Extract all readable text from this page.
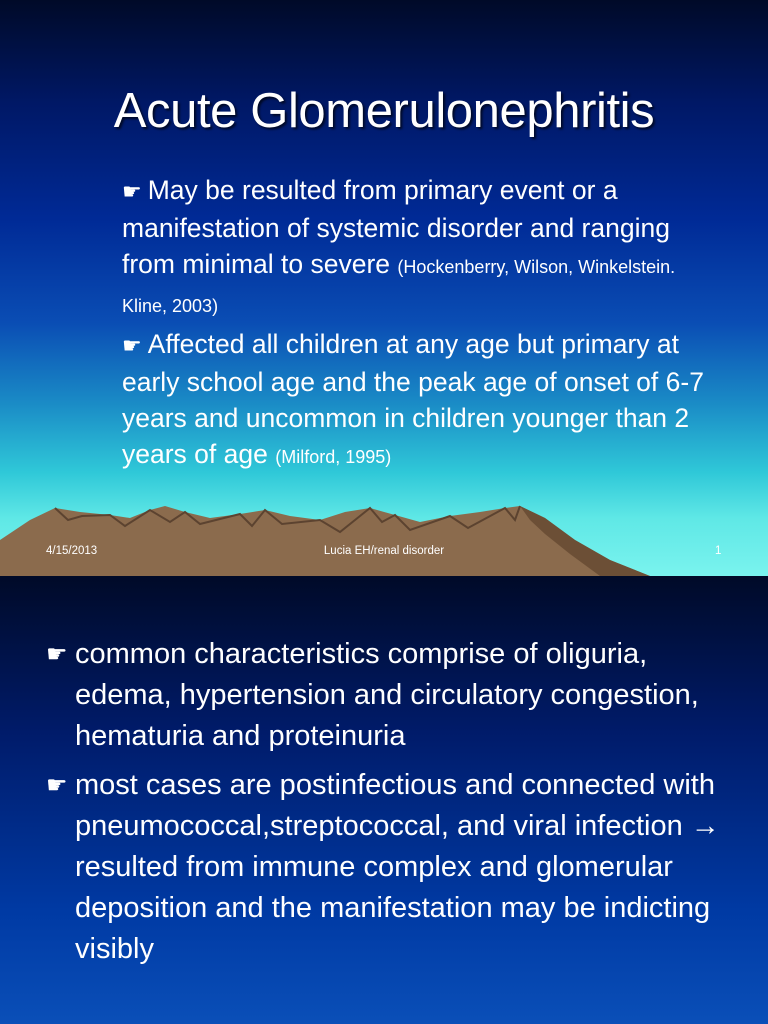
Acute Glomerulonephritis

☛ May be resulted from primary event or a manifestation of systemic disorder and ranging from minimal to severe (Hockenberry, Wilson, Winkelstein. Kline, 2003)

☛ Affected all children at any age but primary at early school age and the peak age of onset of 6-7 years and uncommon in children younger than 2 years of age (Milford, 1995)

4/15/2013	Lucia EH/renal disorder	1
☛ common characteristics comprise of oliguria, edema, hypertension and circulatory congestion, hematuria and proteinuria
☛ most cases are postinfectious and connected with pneumococcal,streptococcal, and viral infection → resulted from immune complex and glomerular deposition and the manifestation may be indicting visibly
